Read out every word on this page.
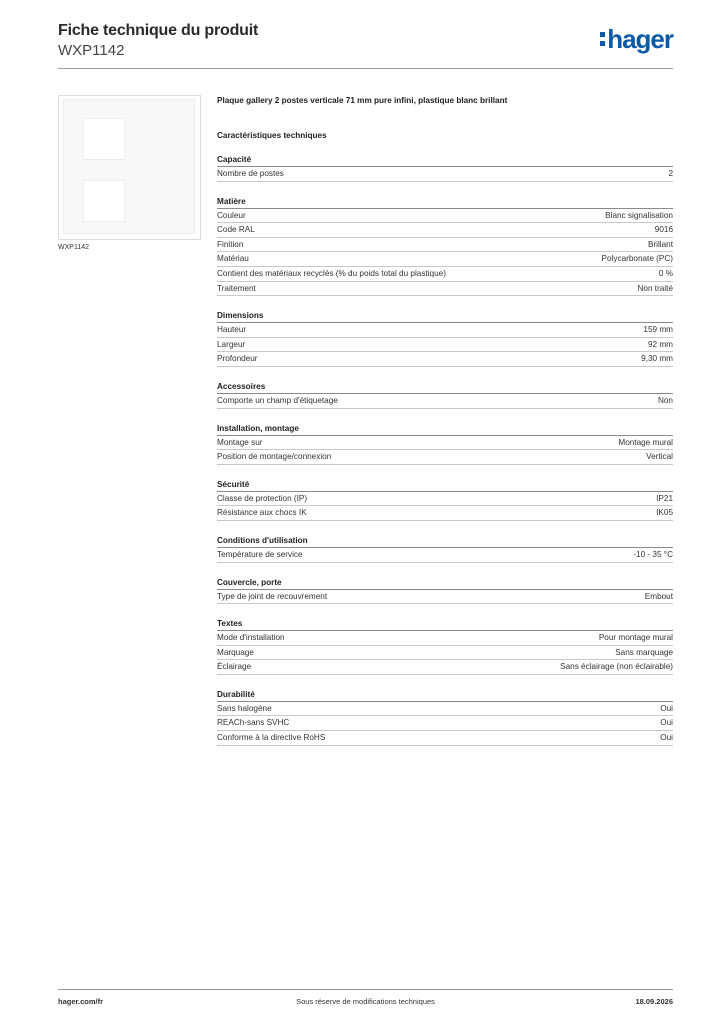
Fiche technique du produit
WXP1142	hager
WXP1142
Plaque gallery 2 postes verticale 71 mm pure infini, plastique blanc brillant
Caractéristiques techniques
Capacité
Nombre de postes	2
Matière
Couleur	Blanc signalisation
Code RAL	9016
Finition	Brillant
Matériau	Polycarbonate (PC)
Contient des matériaux recyclés (% du poids total du plastique)	0 %
Traitement	Non traité
Dimensions
Hauteur	159 mm
Largeur	92 mm
Profondeur	9,30 mm
Accessoires
Comporte un champ d'étiquetage	Non
Installation, montage
Montage sur	Montage mural
Position de montage/connexion	Vertical
Sécurité
Classe de protection (IP)	IP21
Résistance aux chocs IK	IK05
Conditions d'utilisation
Température de service	-10 - 35 °C
Couvercle, porte
Type de joint de recouvrement	Embout
Textes
Mode d'installation	Pour montage mural
Marquage	Sans marquage
Éclairage	Sans éclairage (non éclairable)
Durabilité
Sans halogène	Oui
REACh-sans SVHC	Oui
Conforme à la directive RoHS	Oui
hager.com/fr	Sous réserve de modifications techniques	18.09.2026
